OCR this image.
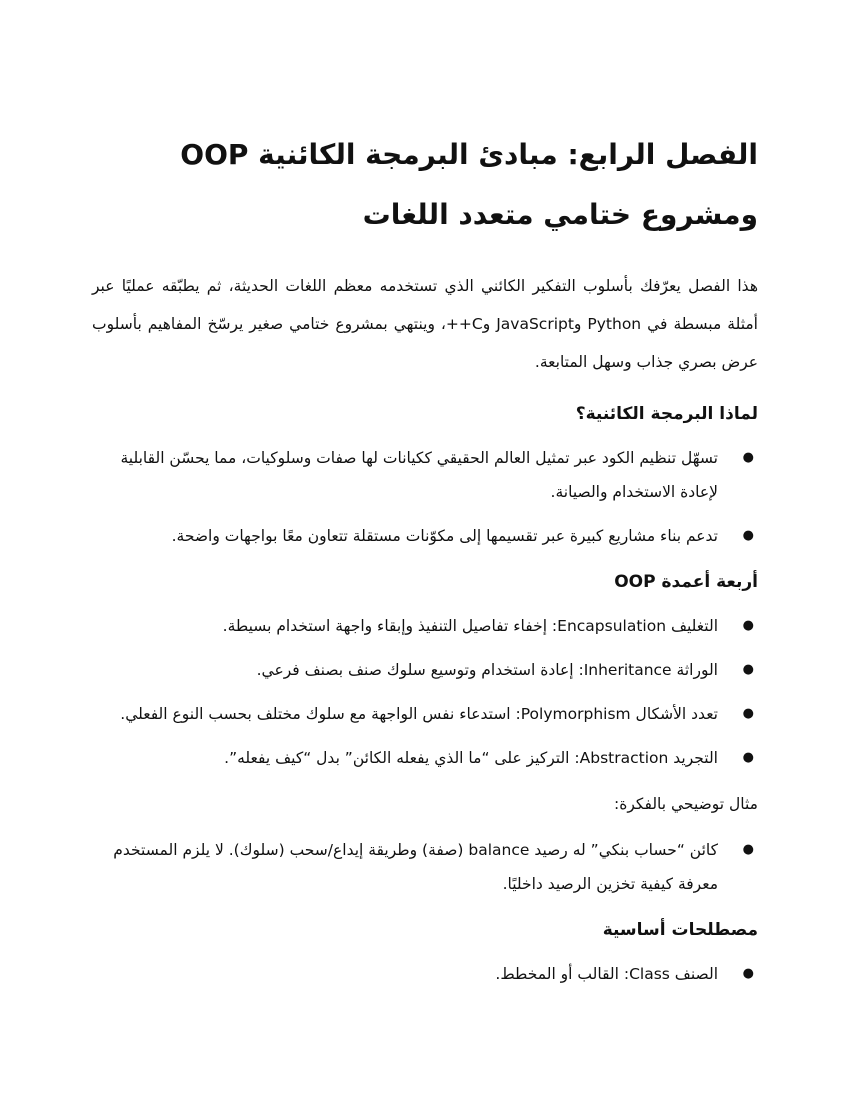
الفصل الرابع: مبادئ البرمجة الكائنية OOP ومشروع ختامي متعدد اللغات

هذا الفصل يعرّفك بأسلوب التفكير الكائني الذي تستخدمه معظم اللغات الحديثة، ثم يطبّقه عمليًا عبر أمثلة مبسطة في Python وJavaScript وC++، وينتهي بمشروع ختامي صغير يرسّخ المفاهيم بأسلوب عرض بصري جذاب وسهل المتابعة.

لماذا البرمجة الكائنية؟
●
تسهّل تنظيم الكود عبر تمثيل العالم الحقيقي ككيانات لها صفات وسلوكيات، مما يحسّن القابلية لإعادة الاستخدام والصيانة.
●
تدعم بناء مشاريع كبيرة عبر تقسيمها إلى مكوّنات مستقلة تتعاون معًا بواجهات واضحة.
أربعة أعمدة OOP
●
التغليف Encapsulation: إخفاء تفاصيل التنفيذ وإبقاء واجهة استخدام بسيطة.
●
الوراثة Inheritance: إعادة استخدام وتوسيع سلوك صنف بصنف فرعي.
●
تعدد الأشكال Polymorphism: استدعاء نفس الواجهة مع سلوك مختلف بحسب النوع الفعلي.
●
التجريد Abstraction: التركيز على “ما الذي يفعله الكائن” بدل “كيف يفعله”.

مثال توضيحي بالفكرة:

●
كائن “حساب بنكي” له رصيد balance (صفة) وطريقة إيداع/سحب (سلوك). لا يلزم المستخدم معرفة كيفية تخزين الرصيد داخليًا.
مصطلحات أساسية
●
الصنف Class: القالب أو المخطط.
